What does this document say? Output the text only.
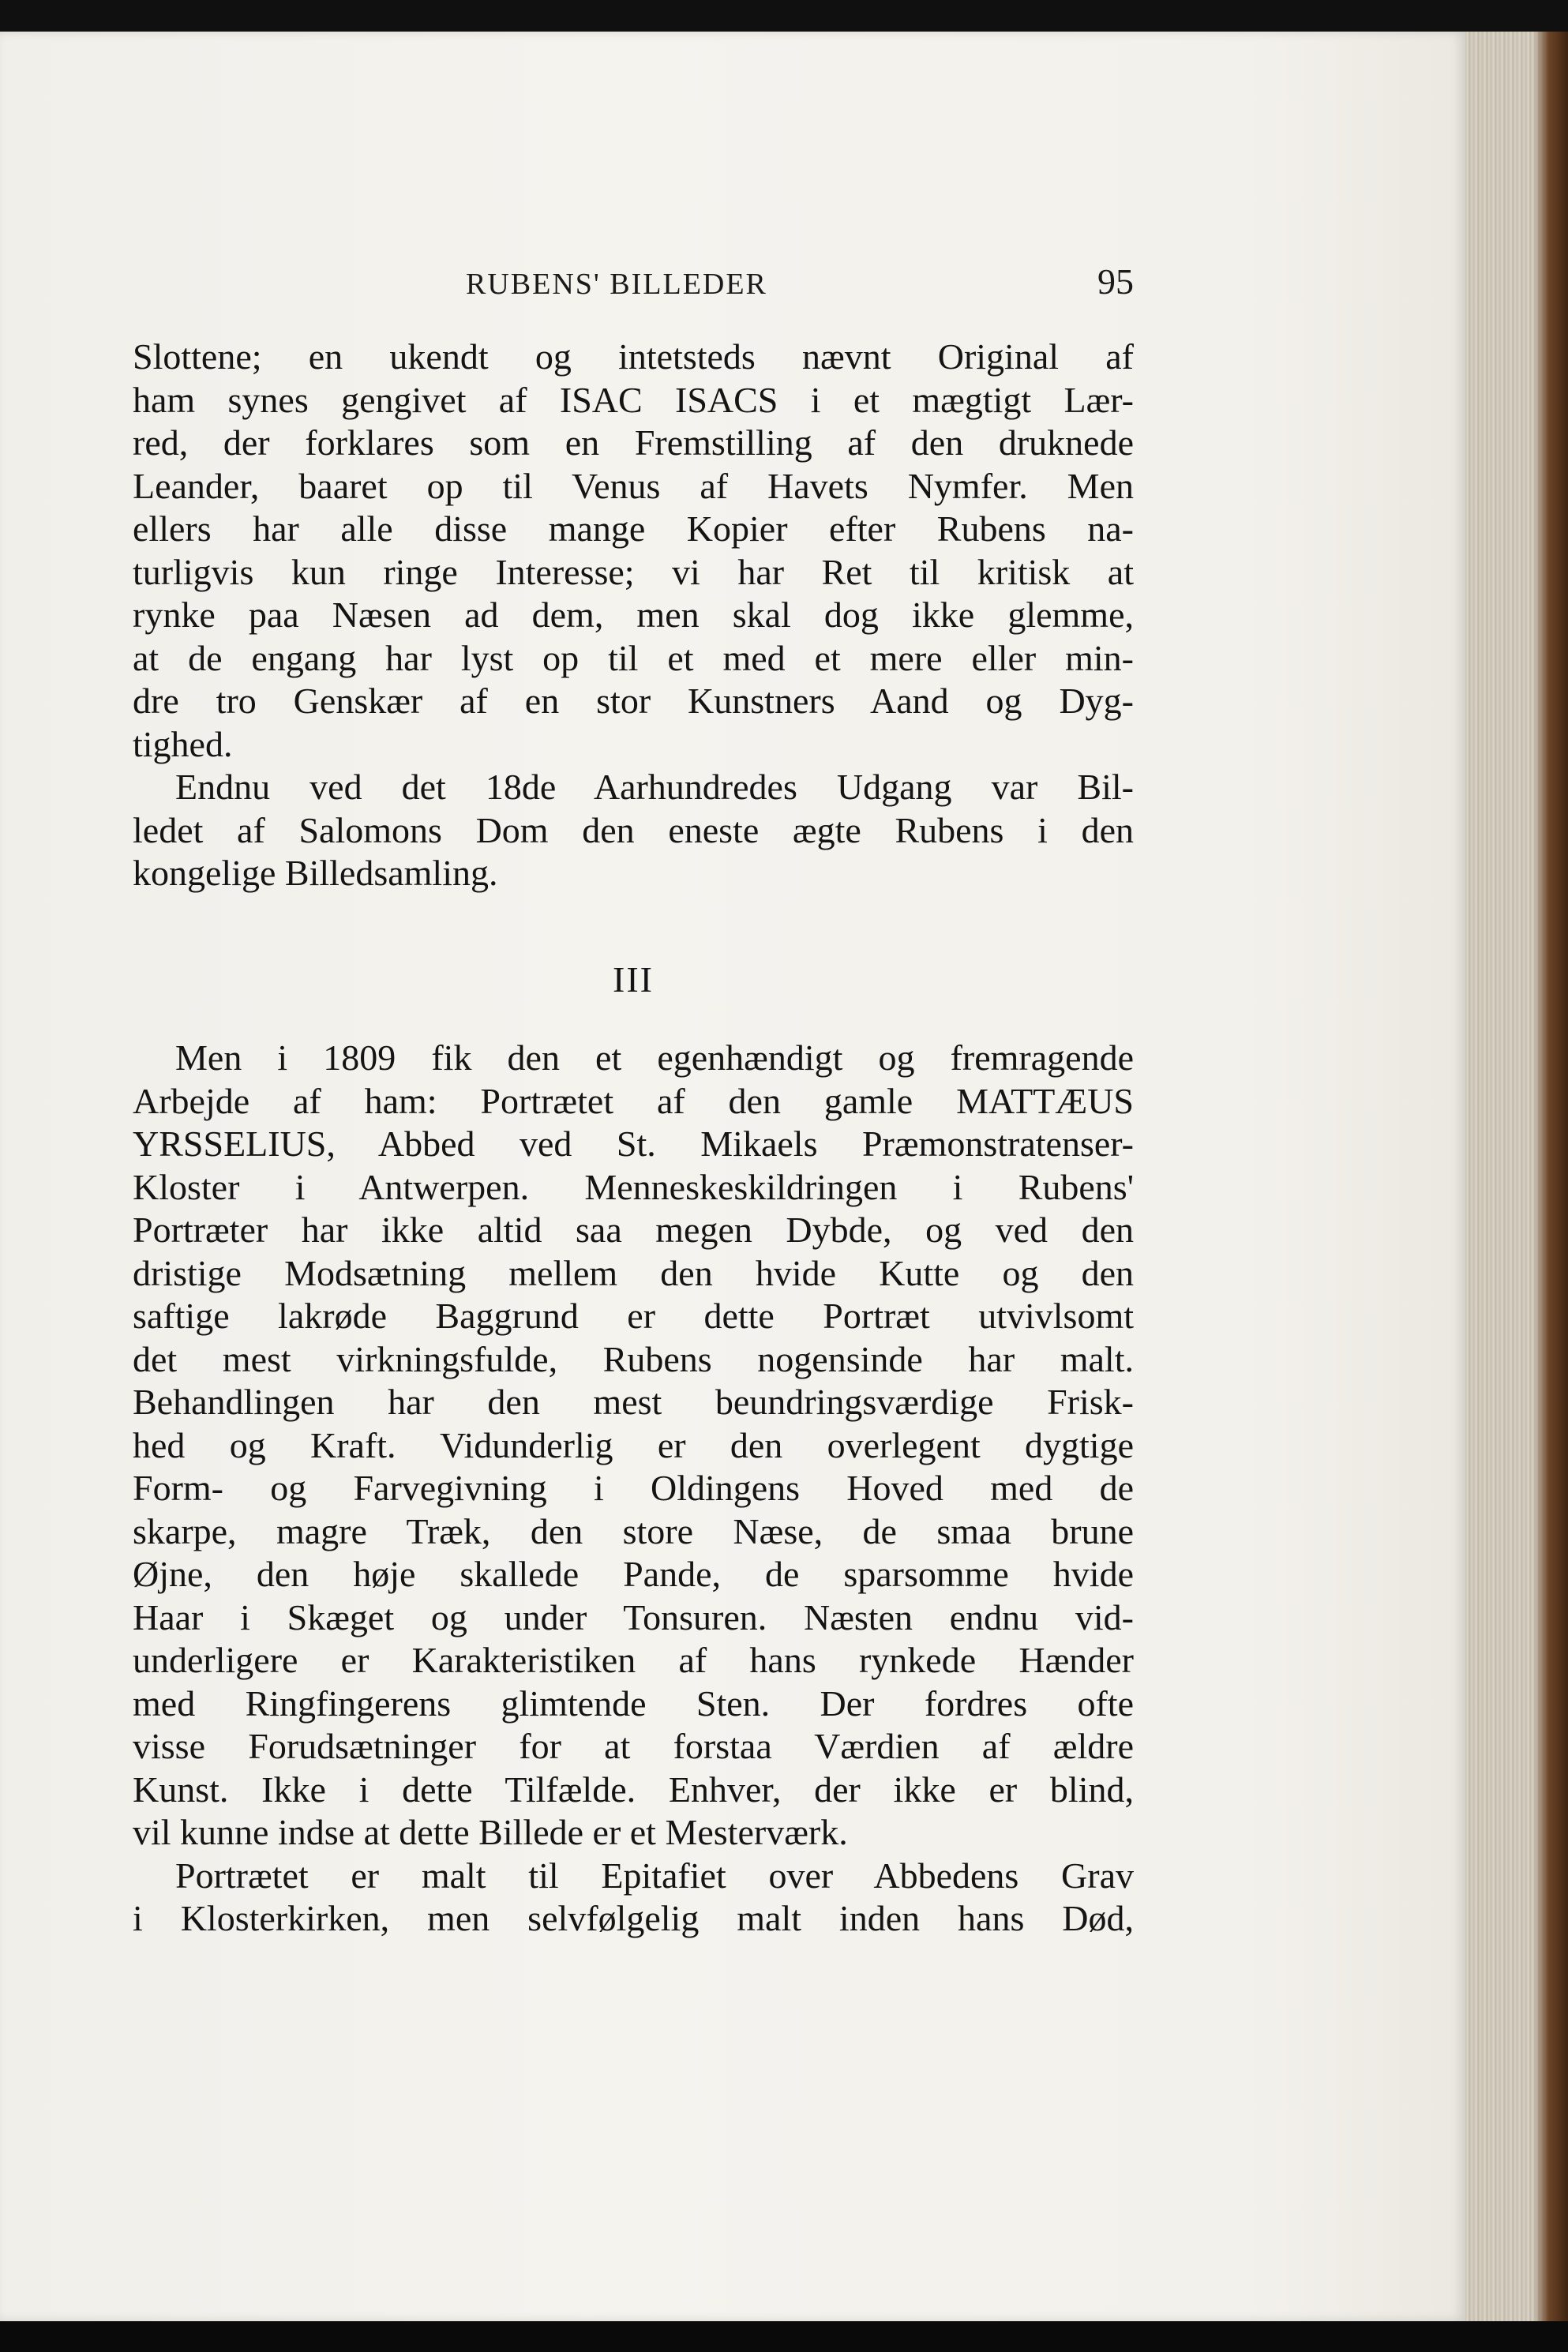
RUBENS' BILLEDER	95
Slottene; en ukendt og intetsteds nævnt Original af
ham synes gengivet af ISAC ISACS i et mægtigt Lær-
red, der forklares som en Fremstilling af den druknede
Leander, baaret op til Venus af Havets Nymfer. Men
ellers har alle disse mange Kopier efter Rubens na-
turligvis kun ringe Interesse; vi har Ret til kritisk at
rynke paa Næsen ad dem, men skal dog ikke glemme,
at de engang har lyst op til et med et mere eller min-
dre tro Genskær af en stor Kunstners Aand og Dyg-
tighed.
Endnu ved det 18de Aarhundredes Udgang var Bil-
ledet af Salomons Dom den eneste ægte Rubens i den
kongelige Billedsamling.
III
Men i 1809 fik den et egenhændigt og fremragende
Arbejde af ham: Portrætet af den gamle MATTÆUS
YRSSELIUS, Abbed ved St. Mikaels Præmonstratenser-
Kloster i Antwerpen. Menneskeskildringen i Rubens'
Portræter har ikke altid saa megen Dybde, og ved den
dristige Modsætning mellem den hvide Kutte og den
saftige lakrøde Baggrund er dette Portræt utvivlsomt
det mest virkningsfulde, Rubens nogensinde har malt.
Behandlingen har den mest beundringsværdige Frisk-
hed og Kraft. Vidunderlig er den overlegent dygtige
Form- og Farvegivning i Oldingens Hoved med de
skarpe, magre Træk, den store Næse, de smaa brune
Øjne, den høje skallede Pande, de sparsomme hvide
Haar i Skæget og under Tonsuren. Næsten endnu vid-
underligere er Karakteristiken af hans rynkede Hænder
med Ringfingerens glimtende Sten. Der fordres ofte
visse Forudsætninger for at forstaa Værdien af ældre
Kunst. Ikke i dette Tilfælde. Enhver, der ikke er blind,
vil kunne indse at dette Billede er et Mesterværk.
Portrætet er malt til Epitafiet over Abbedens Grav
i Klosterkirken, men selvfølgelig malt inden hans Død,
